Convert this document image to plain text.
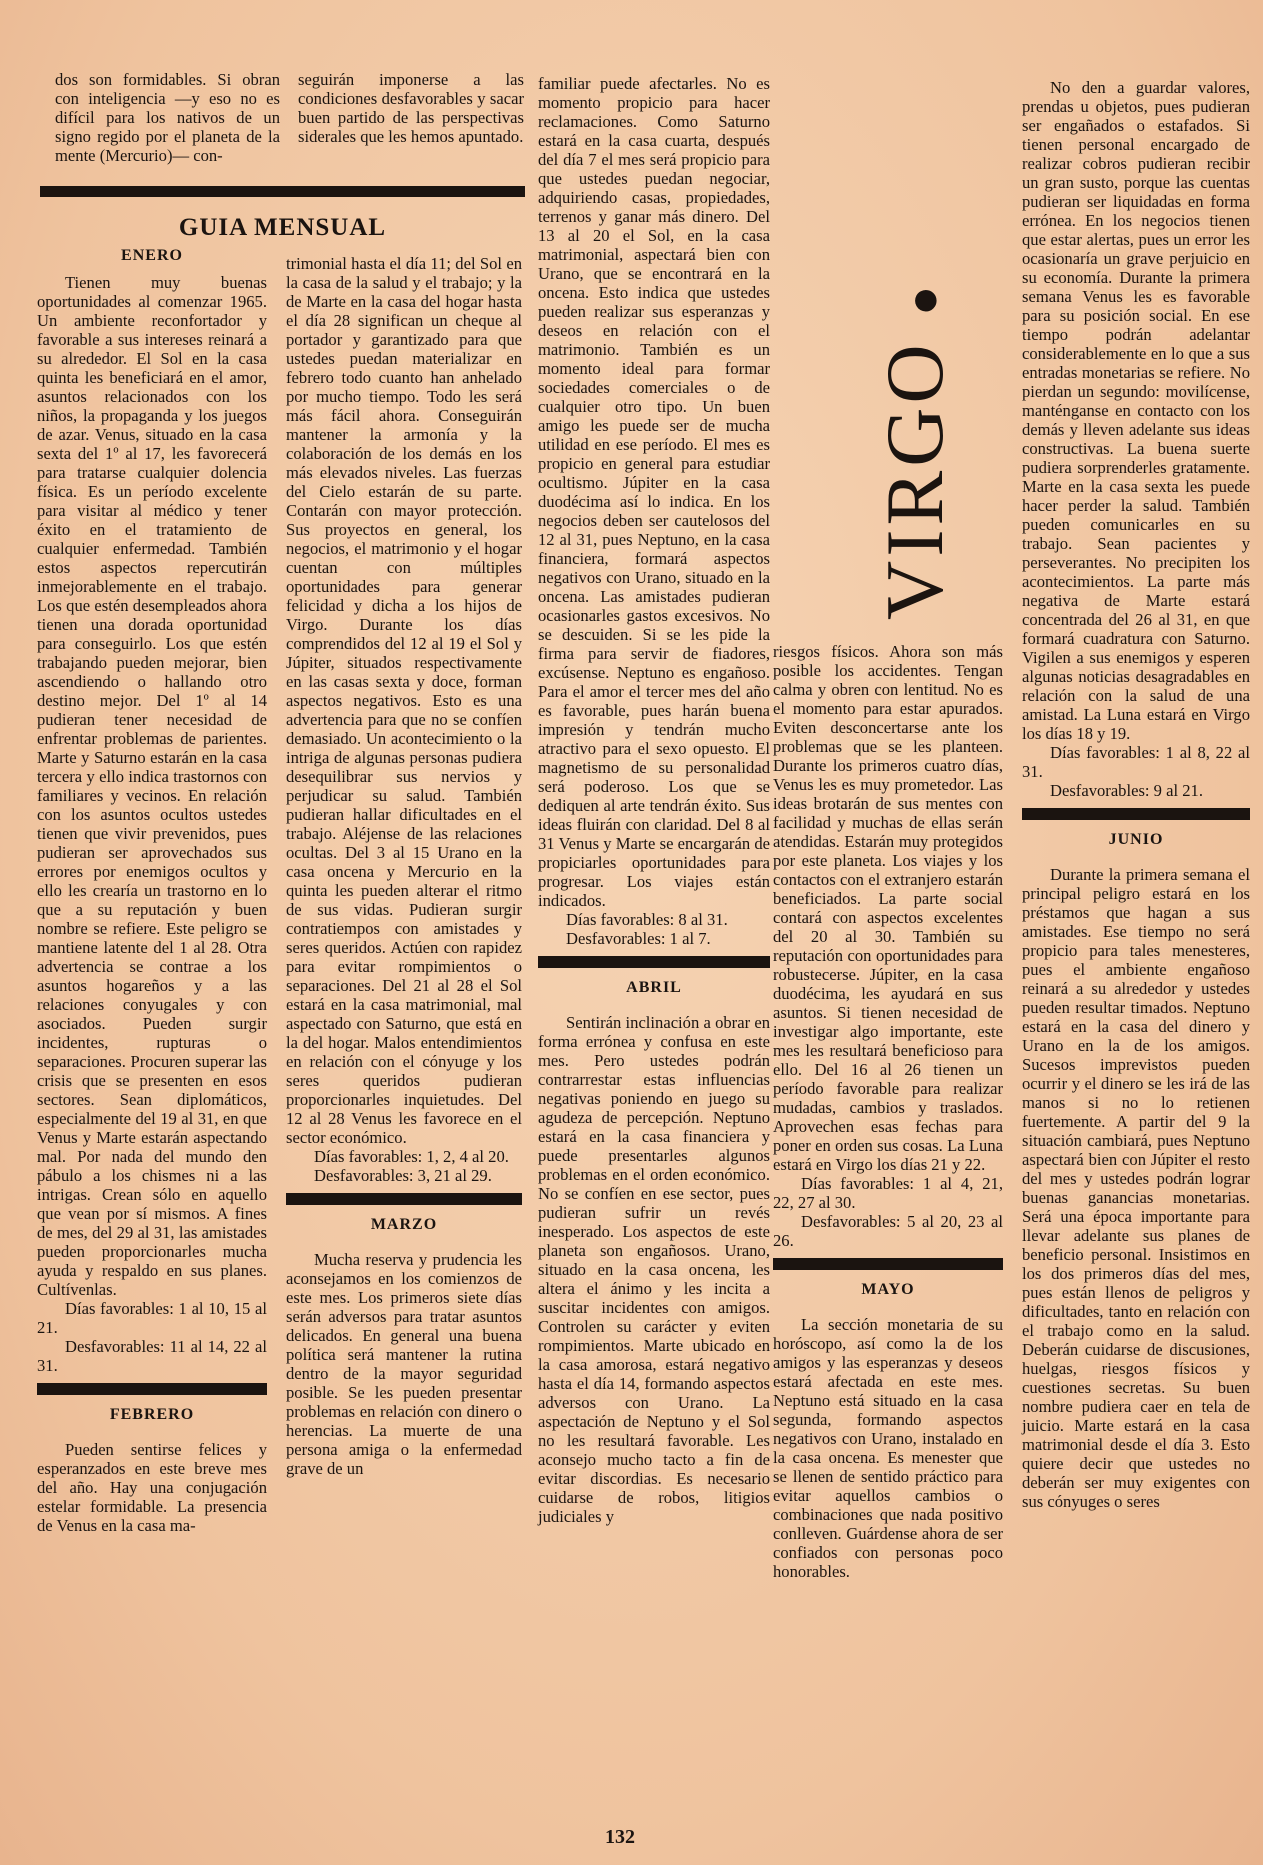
dos son formidables. Si obran con inteligencia —y eso no es difícil para los nativos de un signo regido por el planeta de la mente (Mercurio)— con-

seguirán imponerse a las condiciones desfavorables y sacar buen partido de las perspectivas siderales que les hemos apuntado.

GUIA MENSUAL
ENERO

Tienen muy buenas oportunidades al comenzar 1965. Un ambiente reconfortador y favorable a sus intereses reinará a su alrededor. El Sol en la casa quinta les beneficiará en el amor, asuntos relacionados con los niños, la propaganda y los juegos de azar. Venus, situado en la casa sexta del 1º al 17, les favorecerá para tratarse cualquier dolencia física. Es un período excelente para visitar al médico y tener éxito en el tratamiento de cualquier enfermedad. También estos aspectos repercutirán inmejorablemente en el trabajo. Los que estén desempleados ahora tienen una dorada oportunidad para conseguirlo. Los que estén trabajando pueden mejorar, bien ascendiendo o hallando otro destino mejor. Del 1º al 14 pudieran tener necesidad de enfrentar problemas de parientes. Marte y Saturno estarán en la casa tercera y ello indica trastornos con familiares y vecinos. En relación con los asuntos ocultos ustedes tienen que vivir prevenidos, pues pudieran ser aprovechados sus errores por enemigos ocultos y ello les crearía un trastorno en lo que a su reputación y buen nombre se refiere. Este peligro se mantiene latente del 1 al 28. Otra advertencia se contrae a los asuntos hogareños y a las relaciones conyugales y con asociados. Pueden surgir incidentes, rupturas o separaciones. Procuren superar las crisis que se presenten en esos sectores. Sean diplomáticos, especialmente del 19 al 31, en que Venus y Marte estarán aspectando mal. Por nada del mundo den pábulo a los chismes ni a las intrigas. Crean sólo en aquello que vean por sí mismos. A fines de mes, del 29 al 31, las amistades pueden proporcionarles mucha ayuda y respaldo en sus planes. Cultívenlas.

Días favorables: 1 al 10, 15 al 21.

Desfavorables: 11 al 14, 22 al 31.

FEBRERO

Pueden sentirse felices y esperanzados en este breve mes del año. Hay una conjugación estelar formidable. La presencia de Venus en la casa ma-

trimonial hasta el día 11; del Sol en la casa de la salud y el trabajo; y la de Marte en la casa del hogar hasta el día 28 significan un cheque al portador y garantizado para que ustedes puedan materializar en febrero todo cuanto han anhelado por mucho tiempo. Todo les será más fácil ahora. Conseguirán mantener la armonía y la colaboración de los demás en los más elevados niveles. Las fuerzas del Cielo estarán de su parte. Contarán con mayor protección. Sus proyectos en general, los negocios, el matrimonio y el hogar cuentan con múltiples oportunidades para generar felicidad y dicha a los hijos de Virgo. Durante los días comprendidos del 12 al 19 el Sol y Júpiter, situados respectivamente en las casas sexta y doce, forman aspectos negativos. Esto es una advertencia para que no se confíen demasiado. Un acontecimiento o la intriga de algunas personas pudiera desequilibrar sus nervios y perjudicar su salud. También pudieran hallar dificultades en el trabajo. Aléjense de las relaciones ocultas. Del 3 al 15 Urano en la casa oncena y Mercurio en la quinta les pueden alterar el ritmo de sus vidas. Pudieran surgir contratiempos con amistades y seres queridos. Actúen con rapidez para evitar rompimientos o separaciones. Del 21 al 28 el Sol estará en la casa matrimonial, mal aspectado con Saturno, que está en la del hogar. Malos entendimientos en relación con el cónyuge y los seres queridos pudieran proporcionarles inquietudes. Del 12 al 28 Venus les favorece en el sector económico.

Días favorables: 1, 2, 4 al 20.

Desfavorables: 3, 21 al 29.

MARZO

Mucha reserva y prudencia les aconsejamos en los comienzos de este mes. Los primeros siete días serán adversos para tratar asuntos delicados. En general una buena política será mantener la rutina dentro de la mayor seguridad posible. Se les pueden presentar problemas en relación con dinero o herencias. La muerte de una persona amiga o la enfermedad grave de un

familiar puede afectarles. No es momento propicio para hacer reclamaciones. Como Saturno estará en la casa cuarta, después del día 7 el mes será propicio para que ustedes puedan negociar, adquiriendo casas, propiedades, terrenos y ganar más dinero. Del 13 al 20 el Sol, en la casa matrimonial, aspectará bien con Urano, que se encontrará en la oncena. Esto indica que ustedes pueden realizar sus esperanzas y deseos en relación con el matrimonio. También es un momento ideal para formar sociedades comerciales o de cualquier otro tipo. Un buen amigo les puede ser de mucha utilidad en ese período. El mes es propicio en general para estudiar ocultismo. Júpiter en la casa duodécima así lo indica. En los negocios deben ser cautelosos del 12 al 31, pues Neptuno, en la casa financiera, formará aspectos negativos con Urano, situado en la oncena. Las amistades pudieran ocasionarles gastos excesivos. No se descuiden. Si se les pide la firma para servir de fiadores, excúsense. Neptuno es engañoso. Para el amor el tercer mes del año es favorable, pues harán buena impresión y tendrán mucho atractivo para el sexo opuesto. El magnetismo de su personalidad será poderoso. Los que se dediquen al arte tendrán éxito. Sus ideas fluirán con claridad. Del 8 al 31 Venus y Marte se encargarán de propiciarles oportunidades para progresar. Los viajes están indicados.

Días favorables: 8 al 31.

Desfavorables: 1 al 7.

ABRIL

Sentirán inclinación a obrar en forma errónea y confusa en este mes. Pero ustedes podrán contrarrestar estas influencias negativas poniendo en juego su agudeza de percepción. Neptuno estará en la casa financiera y puede presentarles algunos problemas en el orden económico. No se confíen en ese sector, pues pudieran sufrir un revés inesperado. Los aspectos de este planeta son engañosos. Urano, situado en la casa oncena, les altera el ánimo y les incita a suscitar incidentes con amigos. Controlen su carácter y eviten rompimientos. Marte ubicado en la casa amorosa, estará negativo hasta el día 14, formando aspectos adversos con Urano. La aspectación de Neptuno y el Sol no les resultará favorable. Les aconsejo mucho tacto a fin de evitar discordias. Es necesario cuidarse de robos, litigios judiciales y

VIRGO ●

riesgos físicos. Ahora son más posible los accidentes. Tengan calma y obren con lentitud. No es el momento para estar apurados. Eviten desconcertarse ante los problemas que se les planteen. Durante los primeros cuatro días, Venus les es muy prometedor. Las ideas brotarán de sus mentes con facilidad y muchas de ellas serán atendidas. Estarán muy protegidos por este planeta. Los viajes y los contactos con el extranjero estarán beneficiados. La parte social contará con aspectos excelentes del 20 al 30. También su reputación con oportunidades para robustecerse. Júpiter, en la casa duodécima, les ayudará en sus asuntos. Si tienen necesidad de investigar algo importante, este mes les resultará beneficioso para ello. Del 16 al 26 tienen un período favorable para realizar mudadas, cambios y traslados. Aprovechen esas fechas para poner en orden sus cosas. La Luna estará en Virgo los días 21 y 22.

Días favorables: 1 al 4, 21, 22, 27 al 30.

Desfavorables: 5 al 20, 23 al 26.

MAYO

La sección monetaria de su horóscopo, así como la de los amigos y las esperanzas y deseos estará afectada en este mes. Neptuno está situado en la casa segunda, formando aspectos negativos con Urano, instalado en la casa oncena. Es menester que se llenen de sentido práctico para evitar aquellos cambios o combinaciones que nada positivo conlleven. Guárdense ahora de ser confiados con personas poco honorables.

No den a guardar valores, prendas u objetos, pues pudieran ser engañados o estafados. Si tienen personal encargado de realizar cobros pudieran recibir un gran susto, porque las cuentas pudieran ser liquidadas en forma errónea. En los negocios tienen que estar alertas, pues un error les ocasionaría un grave perjuicio en su economía. Durante la primera semana Venus les es favorable para su posición social. En ese tiempo podrán adelantar considerablemente en lo que a sus entradas monetarias se refiere. No pierdan un segundo: movilícense, manténganse en contacto con los demás y lleven adelante sus ideas constructivas. La buena suerte pudiera sorprenderles gratamente. Marte en la casa sexta les puede hacer perder la salud. También pueden comunicarles en su trabajo. Sean pacientes y perseverantes. No precipiten los acontecimientos. La parte más negativa de Marte estará concentrada del 26 al 31, en que formará cuadratura con Saturno. Vigilen a sus enemigos y esperen algunas noticias desagradables en relación con la salud de una amistad. La Luna estará en Virgo los días 18 y 19.

Días favorables: 1 al 8, 22 al 31.

Desfavorables: 9 al 21.

JUNIO

Durante la primera semana el principal peligro estará en los préstamos que hagan a sus amistades. Ese tiempo no será propicio para tales menesteres, pues el ambiente engañoso reinará a su alrededor y ustedes pueden resultar timados. Neptuno estará en la casa del dinero y Urano en la de los amigos. Sucesos imprevistos pueden ocurrir y el dinero se les irá de las manos si no lo retienen fuertemente. A partir del 9 la situación cambiará, pues Neptuno aspectará bien con Júpiter el resto del mes y ustedes podrán lograr buenas ganancias monetarias. Será una época importante para llevar adelante sus planes de beneficio personal. Insistimos en los dos primeros días del mes, pues están llenos de peligros y dificultades, tanto en relación con el trabajo como en la salud. Deberán cuidarse de discusiones, huelgas, riesgos físicos y cuestiones secretas. Su buen nombre pudiera caer en tela de juicio. Marte estará en la casa matrimonial desde el día 3. Esto quiere decir que ustedes no deberán ser muy exigentes con sus cónyuges o seres

132
